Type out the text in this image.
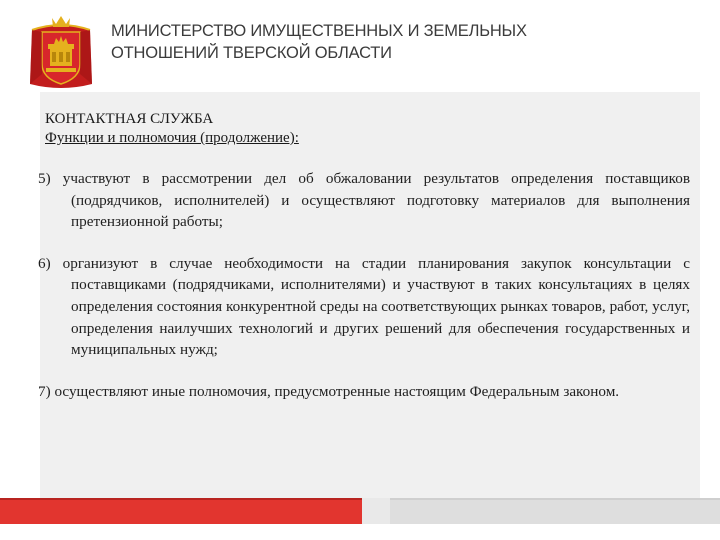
МИНИСТЕРСТВО ИМУЩЕСТВЕННЫХ И ЗЕМЕЛЬНЫХ
ОТНОШЕНИЙ ТВЕРСКОЙ ОБЛАСТИ
КОНТАКТНАЯ СЛУЖБА
Функции и полномочия (продолжение):
5) участвуют в рассмотрении дел об обжаловании результатов определения поставщиков (подрядчиков, исполнителей) и осуществляют подготовку материалов для выполнения претензионной работы;
6) организуют в случае необходимости на стадии планирования закупок консультации с поставщиками (подрядчиками, исполнителями) и участвуют в таких консультациях в целях определения состояния конкурентной среды на соответствующих рынках товаров, работ, услуг, определения наилучших технологий и других решений для обеспечения государственных и муниципальных нужд;
7) осуществляют иные полномочия, предусмотренные настоящим Федеральным законом.
